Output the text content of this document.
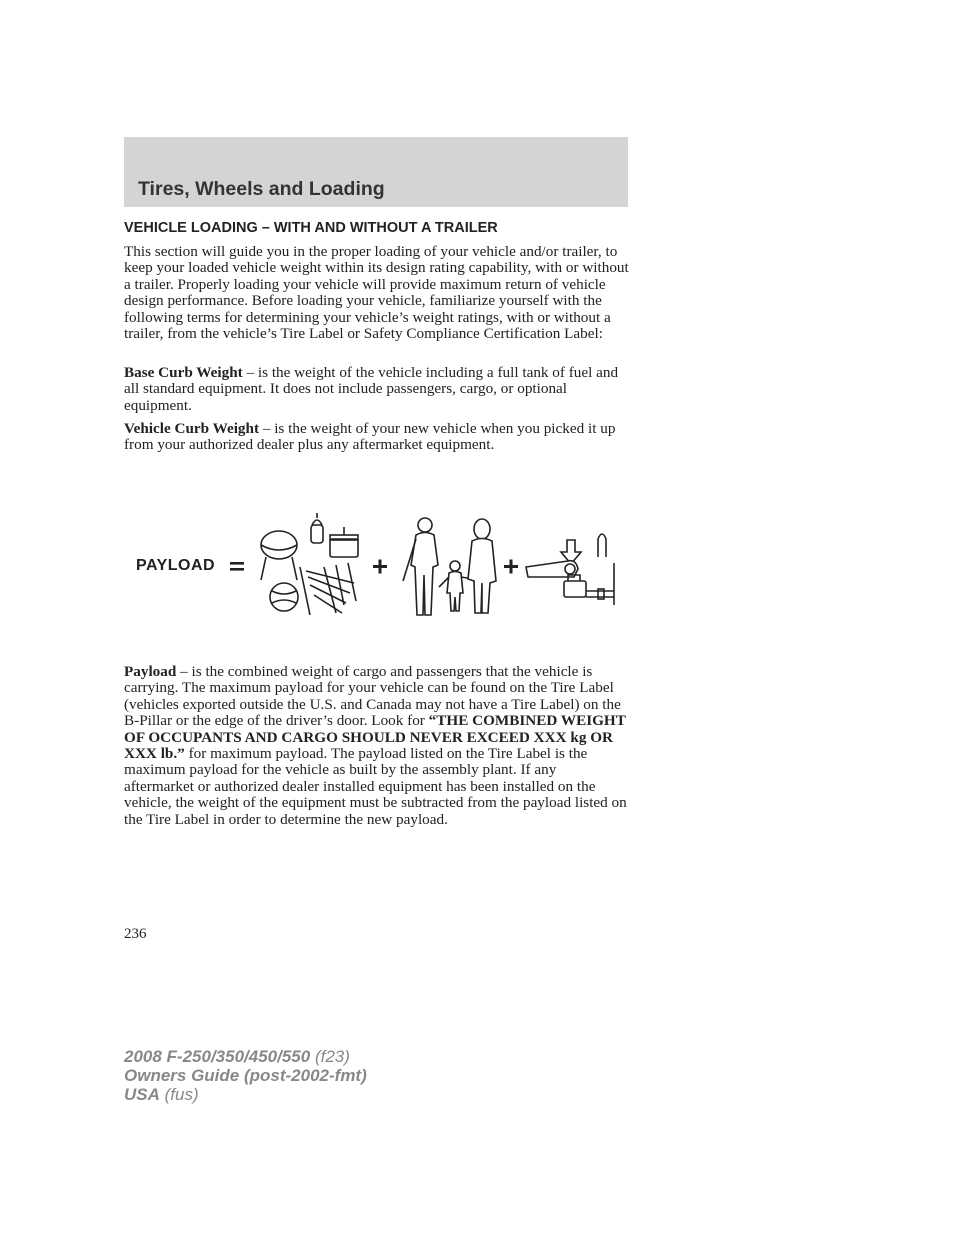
Tires, Wheels and Loading
VEHICLE LOADING – WITH AND WITHOUT A TRAILER

This section will guide you in the proper loading of your vehicle and/or trailer, to keep your loaded vehicle weight within its design rating capability, with or without a trailer. Properly loading your vehicle will provide maximum return of vehicle design performance. Before loading your vehicle, familiarize yourself with the following terms for determining your vehicle’s weight ratings, with or without a trailer, from the vehicle’s Tire Label or Safety Compliance Certification Label:

Base Curb Weight – is the weight of the vehicle including a full tank of fuel and all standard equipment. It does not include passengers, cargo, or optional equipment.

Vehicle Curb Weight – is the weight of your new vehicle when you picked it up from your authorized dealer plus any aftermarket equipment.

PAYLOAD

Payload – is the combined weight of cargo and passengers that the vehicle is carrying. The maximum payload for your vehicle can be found on the Tire Label (vehicles exported outside the U.S. and Canada may not have a Tire Label) on the B-Pillar or the edge of the driver’s door. Look for “THE COMBINED WEIGHT OF OCCUPANTS AND CARGO SHOULD NEVER EXCEED XXX kg OR XXX lb.” for maximum payload. The payload listed on the Tire Label is the maximum payload for the vehicle as built by the assembly plant. If any aftermarket or authorized dealer installed equipment has been installed on the vehicle, the weight of the equipment must be subtracted from the payload listed on the Tire Label in order to determine the new payload.

236
2008 F-250/350/450/550 (f23)
Owners Guide (post-2002-fmt)
USA (fus)
